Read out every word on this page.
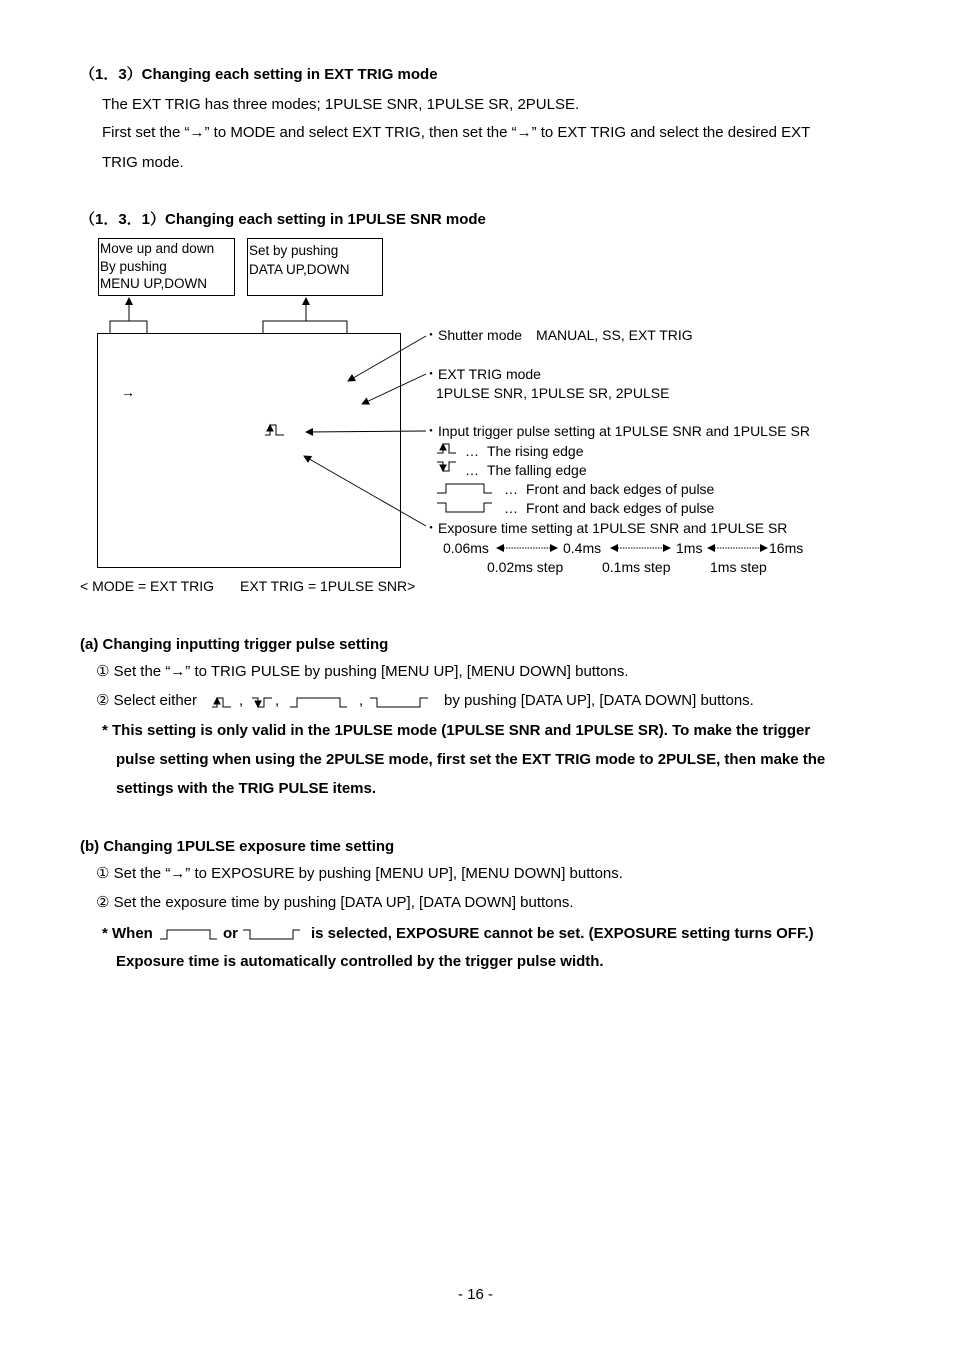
（1．3）Changing each setting in EXT TRIG mode
The EXT TRIG has three modes; 1PULSE SNR, 1PULSE SR, 2PULSE.
First set the “→” to MODE and select EXT TRIG, then set the “→” to EXT TRIG and select the desired EXT
TRIG mode.
（1．3．1）Changing each setting in 1PULSE SNR mode
Move up and down
By pushing
MENU UP,DOWN
Set by pushing
DATA UP,DOWN
→
・Shutter mode　MANUAL, SS, EXT TRIG
・EXT TRIG mode
1PULSE SNR, 1PULSE SR, 2PULSE
・Input trigger pulse setting at 1PULSE SNR and 1PULSE SR
… The rising edge
… The falling edge
… Front and back edges of pulse
… Front and back edges of pulse
・Exposure time setting at 1PULSE SNR and 1PULSE SR
0.06ms	0.4ms	1ms	16ms
0.02ms step	0.1ms step	1ms step
< MODE = EXT TRIG EXT TRIG = 1PULSE SNR>
(a) Changing inputting trigger pulse setting
① Set the “→” to TRIG PULSE by pushing [MENU UP], [MENU DOWN] buttons.
② Select either	, ,	,	by pushing [DATA UP], [DATA DOWN] buttons.
* This setting is only valid in the 1PULSE mode (1PULSE SNR and 1PULSE SR). To make the trigger
pulse setting when using the 2PULSE mode, first set the EXT TRIG mode to 2PULSE, then make the
settings with the TRIG PULSE items.
(b) Changing 1PULSE exposure time setting
① Set the “→” to EXPOSURE by pushing [MENU UP], [MENU DOWN] buttons.
② Set the exposure time by pushing [DATA UP], [DATA DOWN] buttons.
* When	or	is selected, EXPOSURE cannot be set. (EXPOSURE setting turns OFF.)
Exposure time is automatically controlled by the trigger pulse width.
- 16 -
